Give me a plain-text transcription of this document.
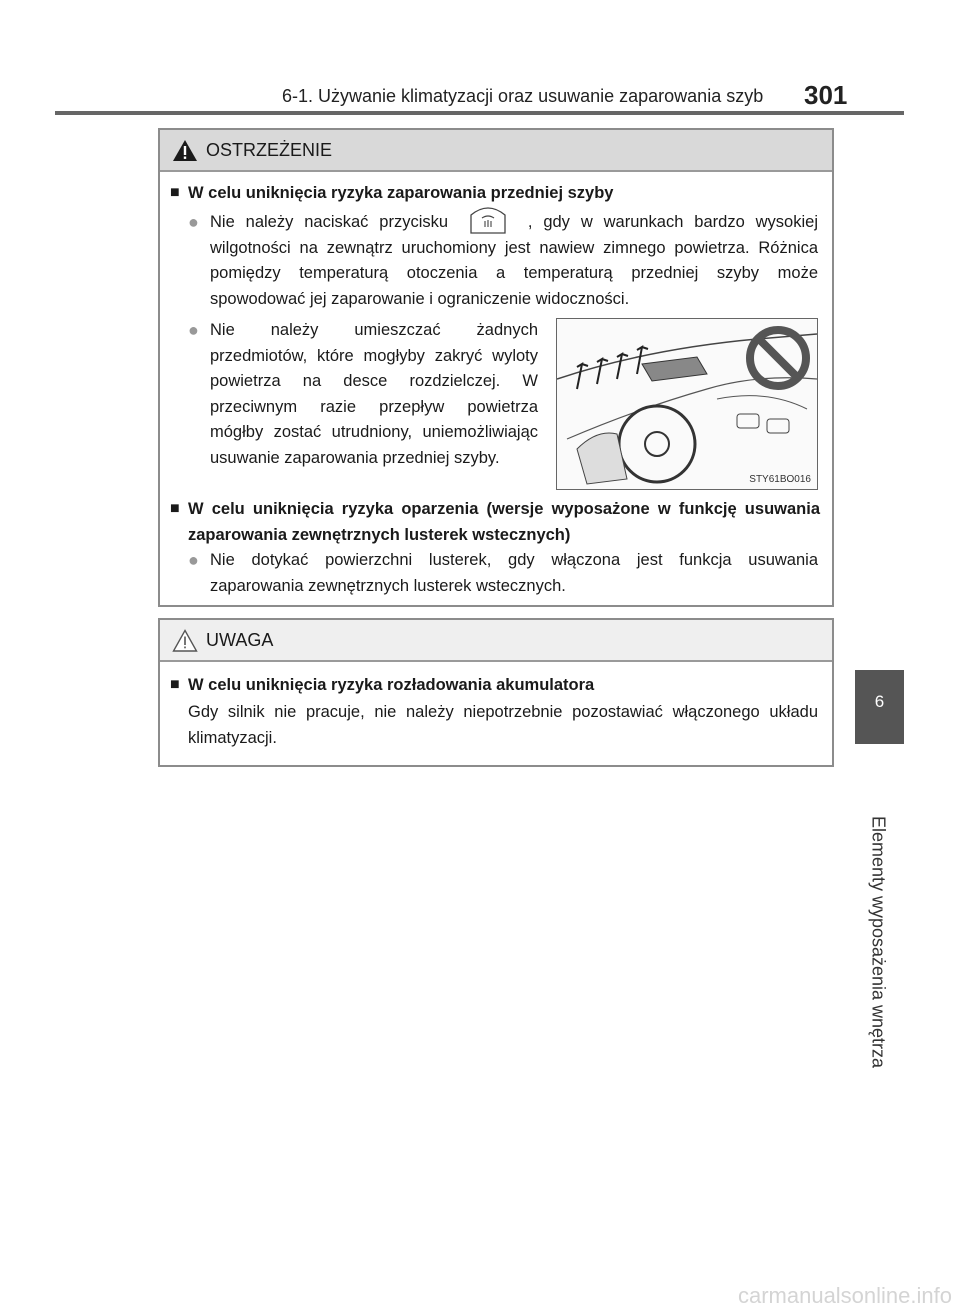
6-1. Używanie klimatyzacji oraz usuwanie zaparowania szyb 301
6
Elementy wyposażenia wnętrza
OSTRZEŻENIE
■ W celu uniknięcia ryzyka zaparowania przedniej szyby
● Nie należy naciskać przycisku	, gdy w warunkach bardzo wysokiej wilgotności na zewnątrz uruchomiony jest nawiew zimnego powietrza. Różnica pomiędzy temperaturą otoczenia a temperaturą przedniej szyby może spowodować jej zaparowanie i ograniczenie widoczności.
● Nie należy umieszczać żadnych przedmiotów, które mogłyby zakryć wyloty powietrza na desce rozdzielczej. W przeciwnym razie przepływ powietrza mógłby zostać utrudniony, uniemożliwiając usuwanie zaparowania przedniej szyby.
STY61BO016
■ W celu uniknięcia ryzyka oparzenia (wersje wyposażone w funkcję usuwania zaparowania zewnętrznych lusterek wstecznych)
● Nie dotykać powierzchni lusterek, gdy włączona jest funkcja usuwania zaparowania zewnętrznych lusterek wstecznych.
UWAGA
■ W celu uniknięcia ryzyka rozładowania akumulatora
Gdy silnik nie pracuje, nie należy niepotrzebnie pozostawiać włączonego układu klimatyzacji.
carmanualsonline.info
